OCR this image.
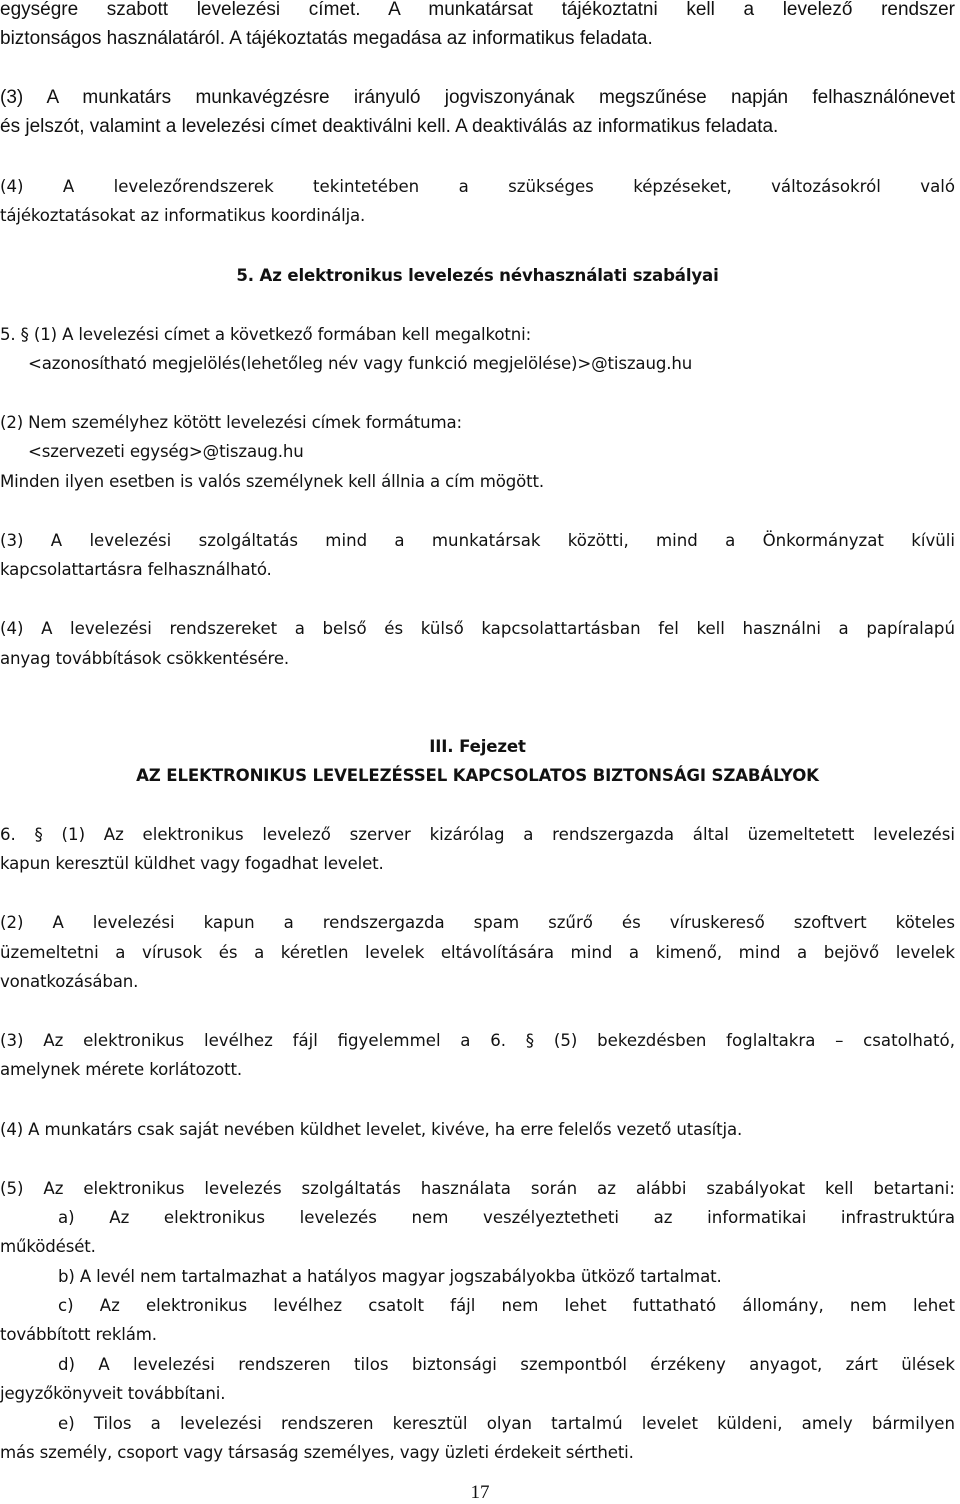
egységre szabott levelezési címet. A munkatársat tájékoztatni kell a levelező rendszer
biztonságos használatáról. A tájékoztatás megadása az informatikus feladata.
(3) A munkatárs munkavégzésre irányuló jogviszonyának megszűnése napján felhasználónevet
és jelszót, valamint a levelezési címet deaktiválni kell. A deaktiválás az informatikus feladata.
(4) A levelezőrendszerek tekintetében a szükséges képzéseket, változásokról való
tájékoztatásokat az informatikus koordinálja.
5. Az elektronikus levelezés névhasználati szabályai
5. § (1) A levelezési címet a következő formában kell megalkotni:
<azonosítható megjelölés(lehetőleg név vagy funkció megjelölése)>@tiszaug.hu
(2) Nem személyhez kötött levelezési címek formátuma:
<szervezeti egység>@tiszaug.hu
Minden ilyen esetben is valós személynek kell állnia a cím mögött.
(3) A levelezési szolgáltatás mind a munkatársak közötti, mind a Önkormányzat kívüli
kapcsolattartásra felhasználható.
(4) A levelezési rendszereket a belső és külső kapcsolattartásban fel kell használni a papíralapú
anyag továbbítások csökkentésére.
III. Fejezet
AZ ELEKTRONIKUS LEVELEZÉSSEL KAPCSOLATOS BIZTONSÁGI SZABÁLYOK
6. § (1) Az elektronikus levelező szerver kizárólag a rendszergazda által üzemeltetett levelezési
kapun keresztül küldhet vagy fogadhat levelet.
(2) A levelezési kapun a rendszergazda spam szűrő és víruskereső szoftvert köteles
üzemeltetni a vírusok és a kéretlen levelek eltávolítására mind a kimenő, mind a bejövő levelek
vonatkozásában.
(3) Az elektronikus levélhez fájl figyelemmel a 6. § (5) bekezdésben foglaltakra – csatolható,
amelynek mérete korlátozott.
(4) A munkatárs csak saját nevében küldhet levelet, kivéve, ha erre felelős vezető utasítja.
(5) Az elektronikus levelezés szolgáltatás használata során az alábbi szabályokat kell betartani:
a) Az elektronikus levelezés nem veszélyeztetheti az informatikai infrastruktúra
működését.
b) A levél nem tartalmazhat a hatályos magyar jogszabályokba ütköző tartalmat.
c) Az elektronikus levélhez csatolt fájl nem lehet futtatható állomány, nem lehet
továbbított reklám.
d) A levelezési rendszeren tilos biztonsági szempontból érzékeny anyagot, zárt ülések
jegyzőkönyveit továbbítani.
e) Tilos a levelezési rendszeren keresztül olyan tartalmú levelet küldeni, amely bármilyen
más személy, csoport vagy társaság személyes, vagy üzleti érdekeit sértheti.
17
